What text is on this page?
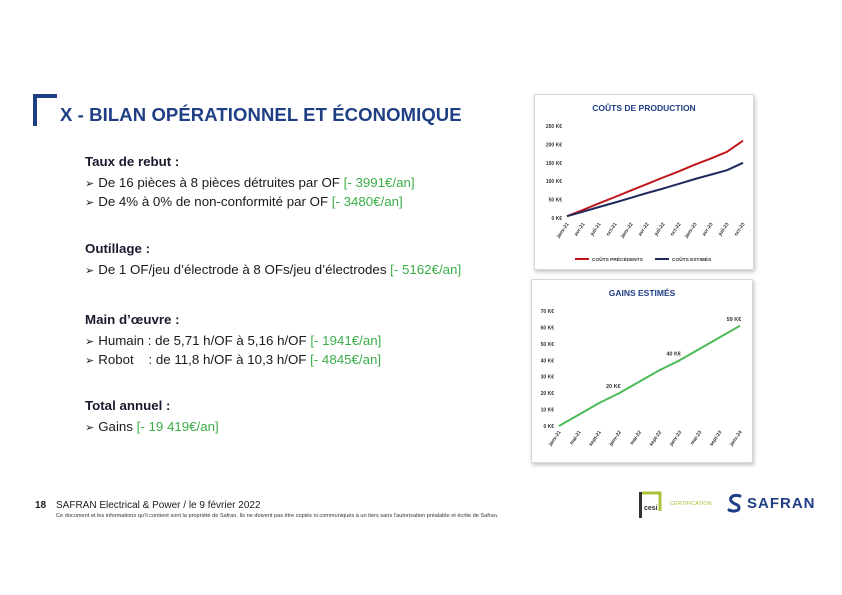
X - BILAN OPÉRATIONNEL ET ÉCONOMIQUE
Taux de rebut :
➢ De 16 pièces à 8 pièces détruites par OF [- 3991€/an]
➢ De 4% à 0% de non-conformité par OF [- 3480€/an]
Outillage :
➢ De 1 OF/jeu d’électrode à 8 OFs/jeu d’électrodes [- 5162€/an]
Main d’œuvre :
➢ Humain : de 5,71 h/OF à 5,16 h/OF [- 1941€/an]
➢ Robot    : de 11,8 h/OF à 10,3 h/OF [- 4845€/an]
Total annuel :
➢ Gains [- 19 419€/an]
COÛTS DE PRODUCTION
0 K€
50 K€
100 K€
150 K€
200 K€
250 K€
janv-21 avr-21 juil-21 oct-21 janv-22 avr-22 juil-22 oct-22 janv-23 avr-23 juil-23 oct-23
COÛTS PRÉCÉDENTS	COÛTS ESTIMÉS
GAINS ESTIMÉS
0 K€
10 K€
20 K€
30 K€
40 K€
50 K€
60 K€
70 K€
janv-21 mai-21 sept-21 janv-22 mai-22 sept-22 janv-23 mai-23 sept-23 janv-24
20 K€
40 K€
59 K€
18 SAFRAN Electrical & Power / le 9 février 2022
Ce document et les informations qu’il contient sont la propriété de Safran. Ils ne doivent pas être copiés ni communiqués à un tiers sans l’autorisation préalable et écrite de Safran.
cesi
CERTIFICATION SAFRAN
